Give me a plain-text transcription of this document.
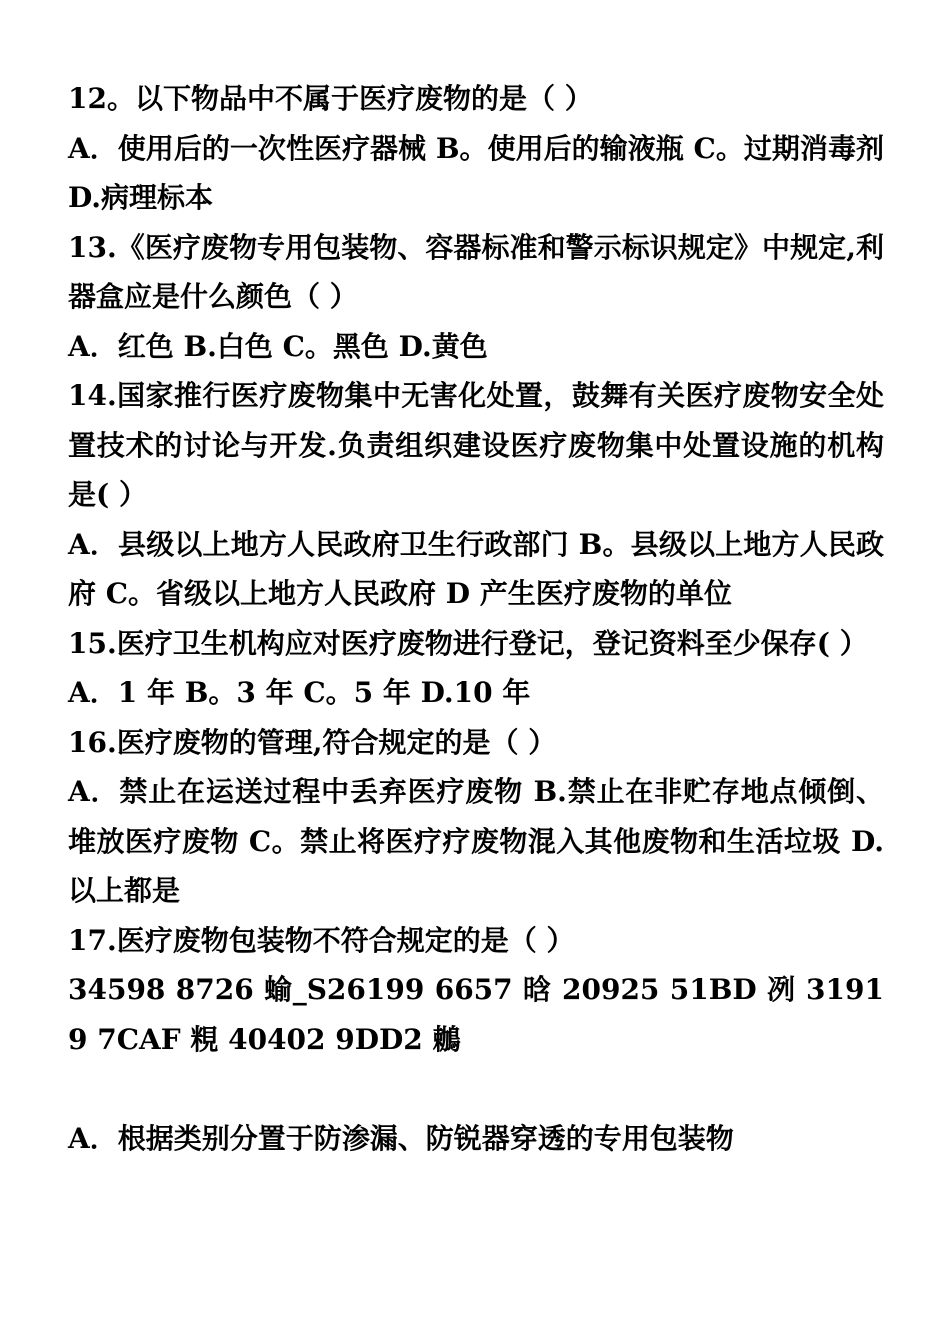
12。以下物品中不属于医疗废物的是（ ）

A．使用后的一次性医疗器械 B。使用后的输液瓶 C。过期消毒剂 D.病理标本

13.《医疗废物专用包装物、容器标准和警示标识规定》中规定,利器盒应是什么颜色（ ）

A．红色 B.白色 C。黑色 D.黄色

14.国家推行医疗废物集中无害化处置，鼓舞有关医疗废物安全处置技术的讨论与开发.负责组织建设医疗废物集中处置设施的机构是( ）

A．县级以上地方人民政府卫生行政部门 B。县级以上地方人民政府 C。省级以上地方人民政府 D 产生医疗废物的单位

15.医疗卫生机构应对医疗废物进行登记，登记资料至少保存( ）

A．1 年 B。3 年 C。5 年 D.10 年

16.医疗废物的管理,符合规定的是（ ）

A．禁止在运送过程中丢弃医疗废物 B.禁止在非贮存地点倾倒、堆放医疗废物 C。禁止将医疗疗废物混入其他废物和生活垃圾 D.以上都是

17.医疗废物包装物不符合规定的是（ ）

34598 8726 蝓_S26199 6657 晗 20925 51BD 冽 31919 7CAF 粯 40402 9DD2 鶒

A．根据类别分置于防渗漏、防锐器穿透的专用包装物
